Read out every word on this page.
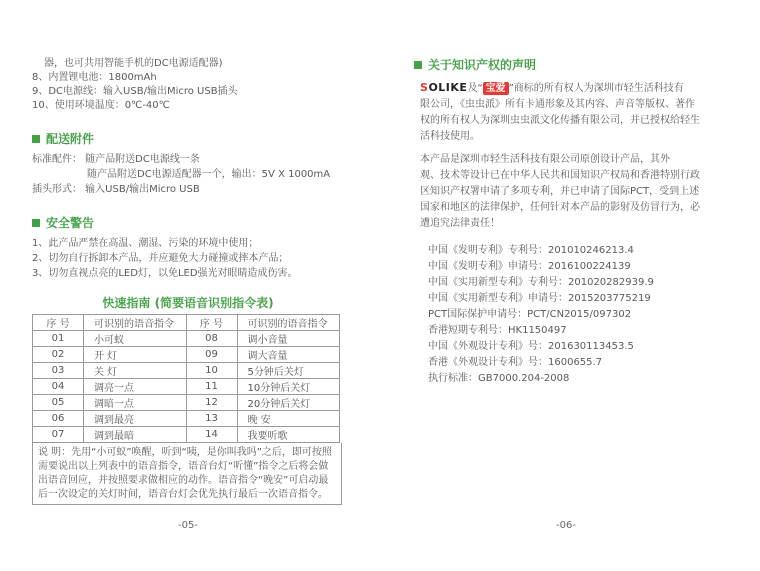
器，也可共用智能手机的DC电源适配器)
8、内置锂电池：1800mAh
9、DC电源线：输入USB/输出Micro USB插头
10、使用环境温度：0℃-40℃
配送附件
标准配件： 随产品附送DC电源线一条
随产品附送DC电源适配器一个，输出：5V X 1000mA
插头形式： 输入USB/输出Micro USB
安全警告
1、此产品严禁在高温、潮湿、污染的环境中使用；
2、切勿自行拆卸本产品，并应避免大力碰撞或摔本产品；
3、切勿直视点亮的LED灯，以免LED强光对眼睛造成伤害。
快速指南 (简要语音识别指令表)
序 号	可识别的语音指令	序 号	可识别的语音指令
01	小可蚁	08	调小音量
02	开 灯	09	调大音量
03	关 灯	10	5分钟后关灯
04	调亮一点	11	10分钟后关灯
05	调暗一点	12	20分钟后关灯
06	调到最亮	13	晚 安
07	调到最暗	14	我要听歌
说 明：先用“小可蚁”唤醒，听到“咦，是你叫我吗”之后，即可按照需要说出以上列表中的语音指令，语音台灯“听懂”指令之后将会做出语音回应，并按照要求做相应的动作。语音指令“晚安”可启动最后一次设定的关灯时间，语音台灯会优先执行最后一次语音指令。
-05-
关于知识产权的声明
SOLIKE及“ 宝爱 ”商标的所有权人为深圳市轻生活科技有
限公司，《虫虫派》所有卡通形象及其内容、声音等版权、著作
权的所有权人为深圳虫虫派文化传播有限公司，并已授权给轻生
活科技使用。
本产品是深圳市轻生活科技有限公司原创设计产品，其外
观、技术等设计已在中华人民共和国知识产权局和香港特别行政
区知识产权署申请了多项专利，并已申请了国际PCT，受到上述
国家和地区的法律保护，任何针对本产品的影射及仿冒行为，必
遭追究法律责任！
中国《发明专利》专利号：201010246213.4
中国《发明专利》申请号：2016100224139
中国《实用新型专利》专利号：201020282939.9
中国《实用新型专利》申请号：2015203775219
PCT国际保护申请号：PCT/CN2015/097302
香港短期专利号：HK1150497
中国《外观设计专利》号：201630113453.5
香港《外观设计专利》号：1600655.7
执行标准：GB7000.204-2008
-06-
